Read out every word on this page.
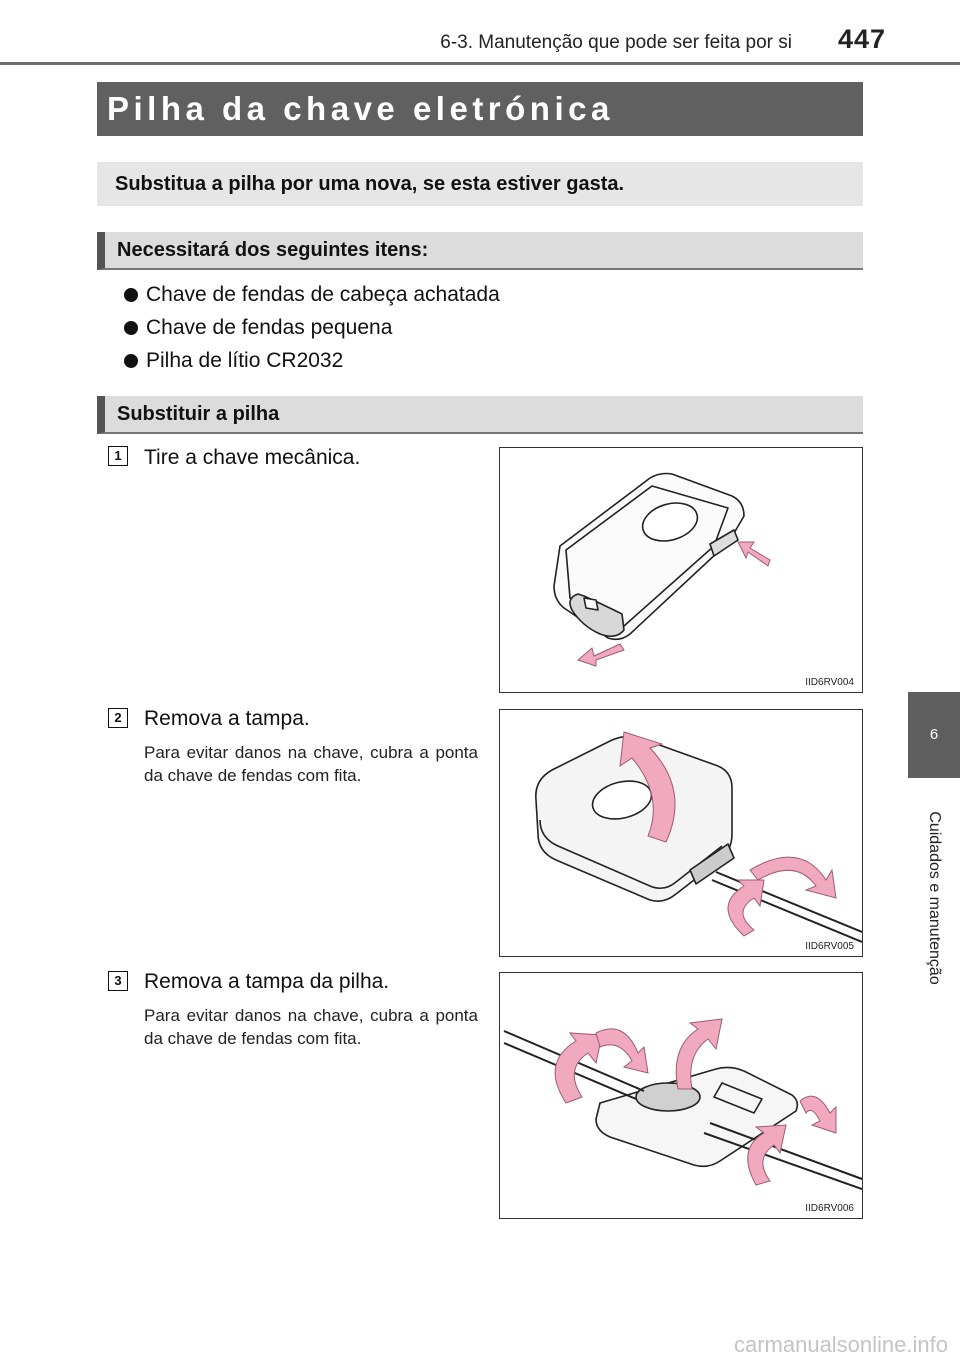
6-3. Manutenção que pode ser feita por si 447
Pilha da chave eletrónica
Substitua a pilha por uma nova, se esta estiver gasta.
Necessitará dos seguintes itens:
Chave de fendas de cabeça achatada
Chave de fendas pequena
Pilha de lítio CR2032
Substituir a pilha
1	Tire a chave mecânica.
IID6RV004
2	Remova a tampa.
Para evitar danos na chave, cubra a ponta da chave de fendas com fita.
IID6RV005
3	Remova a tampa da pilha.
Para evitar danos na chave, cubra a ponta da chave de fendas com fita.
IID6RV006
6
Cuidados e manutenção
carmanualsonline.info
